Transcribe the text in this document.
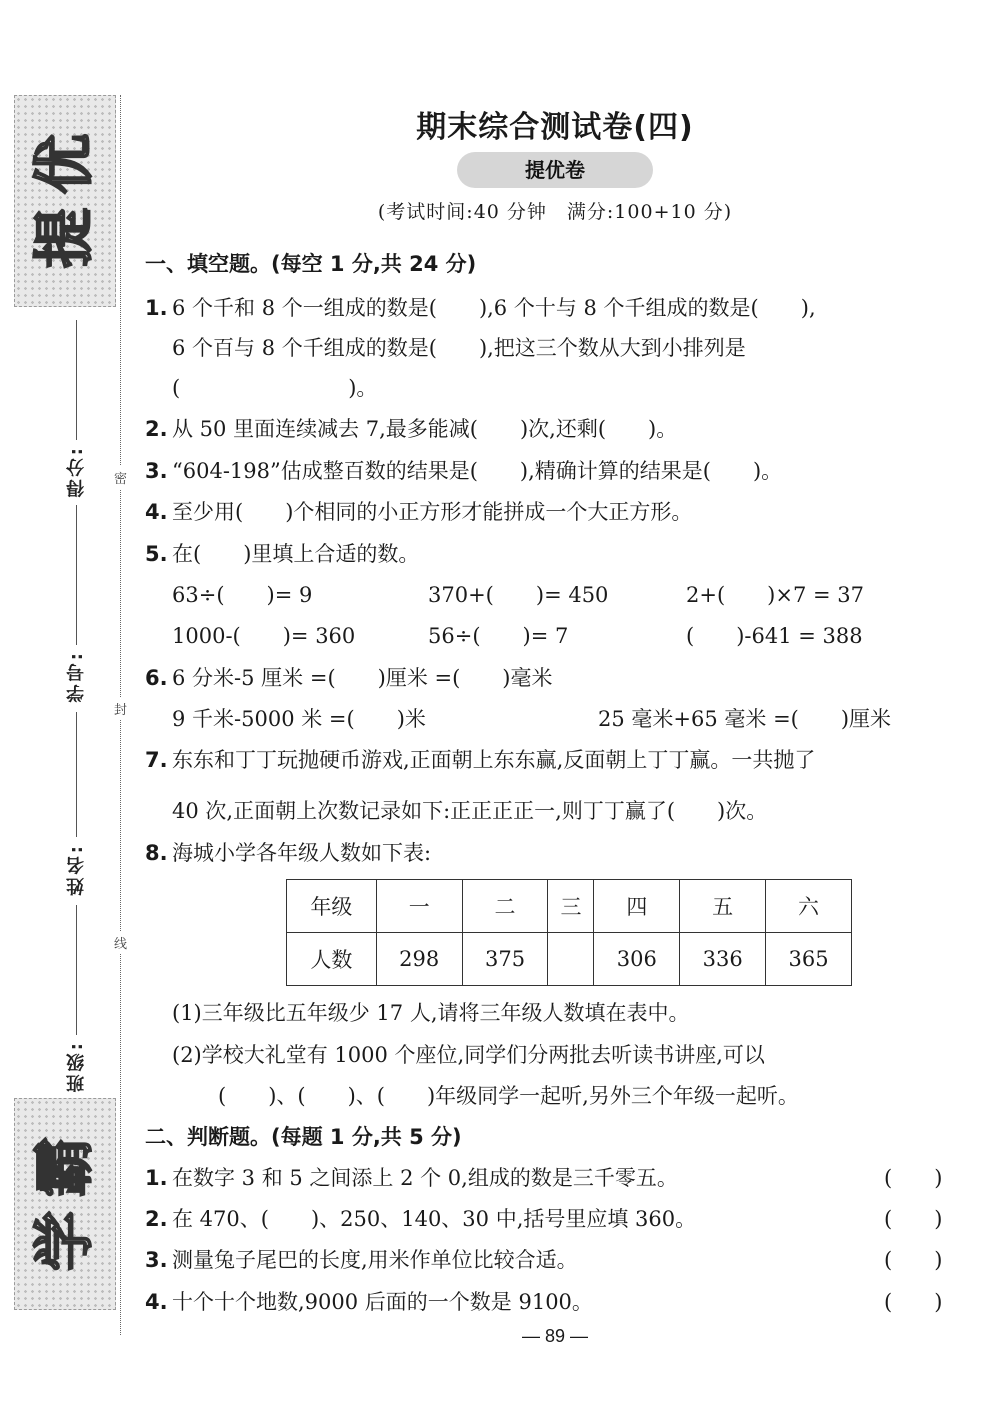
优
提
霸
学
得分:
学号:
姓名:
班级:
密
封
线
期末综合测试卷(四)
提优卷
(考试时间:40 分钟　满分:100+10 分)
一、填空题。(每空 1 分,共 24 分)
1. 6 个千和 8 个一组成的数是(　　),6 个十与 8 个千组成的数是(　　),
6 个百与 8 个千组成的数是(　　),把这三个数从大到小排列是
(　　　　　　　　)。
2. 从 50 里面连续减去 7,最多能减(　　)次,还剩(　　)。
3. “604-198”估成整百数的结果是(　　),精确计算的结果是(　　)。
4. 至少用(　　)个相同的小正方形才能拼成一个大正方形。
5. 在(　　)里填上合适的数。
63÷(　　)= 9	370+(　　)= 450	2+(　　)×7 = 37
1000-(　　)= 360	56÷(　　)= 7	(　　)-641 = 388
6. 6 分米-5 厘米 =(　　)厘米 =(　　)毫米
9 千米-5000 米 =(　　)米	25 毫米+65 毫米 =(　　)厘米
7. 东东和丁丁玩抛硬币游戏,正面朝上东东赢,反面朝上丁丁赢。一共抛了
40 次,正面朝上次数记录如下:正正正正一,则丁丁赢了(　　)次。
8. 海城小学各年级人数如下表:
年级	一	二	三	四	五	六
人数	298	375		306	336	365
(1)三年级比五年级少 17 人,请将三年级人数填在表中。
(2)学校大礼堂有 1000 个座位,同学们分两批去听读书讲座,可以
(　　)、(　　)、(　　)年级同学一起听,另外三个年级一起听。
二、判断题。(每题 1 分,共 5 分)
1. 在数字 3 和 5 之间添上 2 个 0,组成的数是三千零五。	(　　)
2. 在 470、(　　)、250、140、30 中,括号里应填 360。	(　　)
3. 测量兔子尾巴的长度,用米作单位比较合适。	(　　)
4. 十个十个地数,9000 后面的一个数是 9100。	(　　)
— 89 —
